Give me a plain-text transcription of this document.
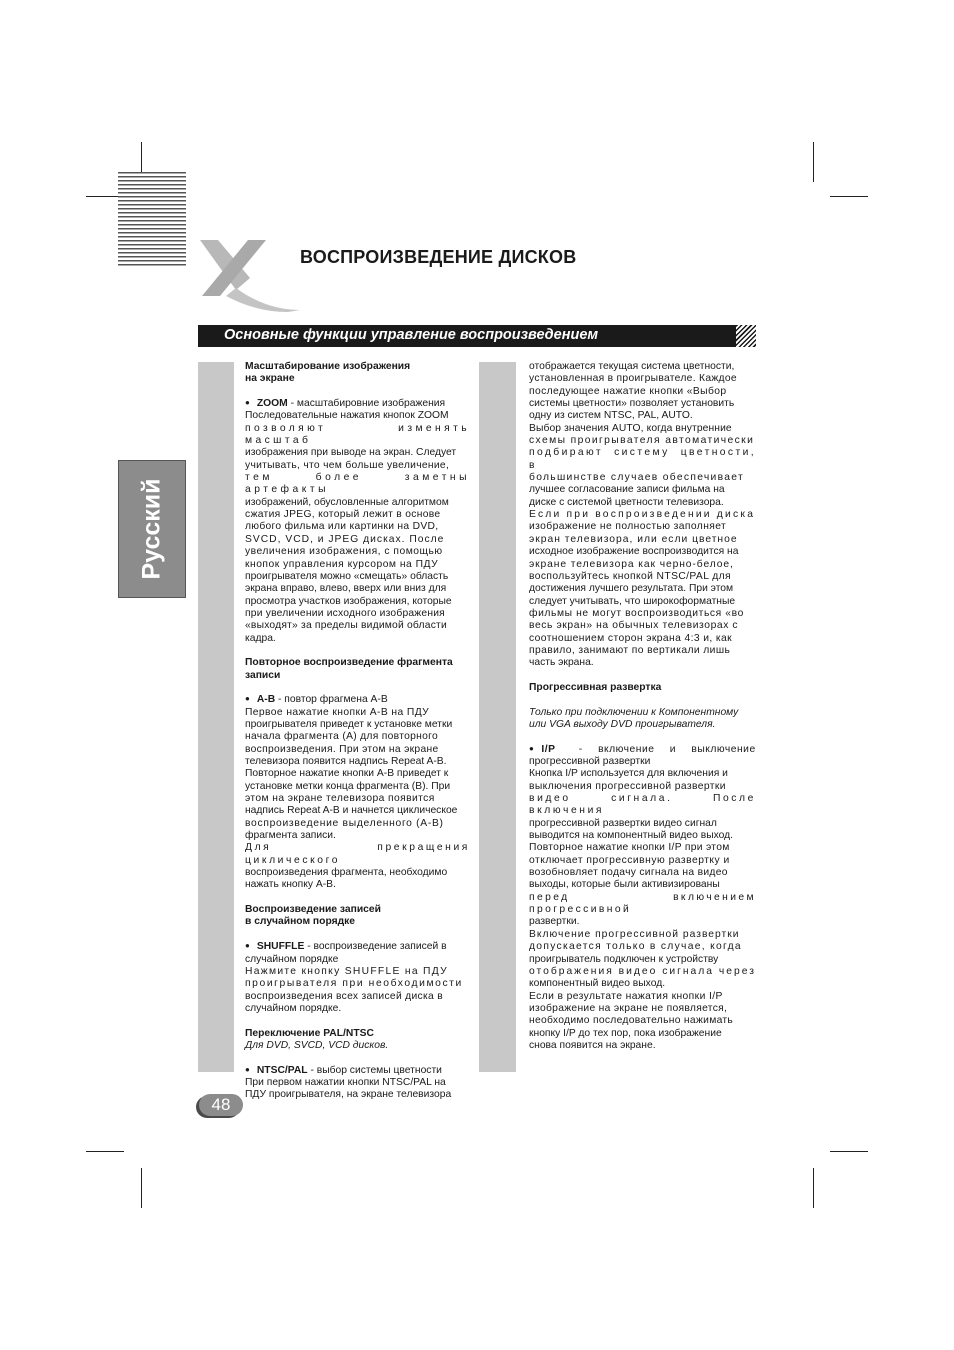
ВОСПРОИЗВЕДЕНИЕ ДИСКОВ
Основные функции управление воспроизведением
Русский

Масштабирование изображения

на экране

● ZOOM - масштабировние изображения

Последовательные нажатия кнопок ZOOM

позволяют изменять масштаб

изображения при выводе на экран. Следует

учитывать, что чем больше увеличение,

тем более заметны артефакты

изображений, обусловленные алгоритмом

сжатия JPEG, который лежит в основе

любого фильма или картинки на DVD,

SVCD, VCD, и JPEG дисках. После

увеличения изображения, с помощью

кнопок управления курсором на ПДУ

проигрывателя можно «смещать» область

экрана вправо, влево, вверх или вниз для

просмотра участков изображения, которые

при увеличении исходного изображения

«выходят» за пределы видимой области

кадра.

Повторное воспроизведение фрагмента

записи

● A-B - повтор фрагмена A-B

Первое нажатие кнопки A-B на ПДУ

проигрывателя приведет к установке метки

начала фрагмента (А) для повторного

воспроизведения. При этом на экране

телевизора появится надпись Repeat A-B.

Повторное нажатие кнопки A-B приведет к

установке метки конца фрагмента (В). При

этом на экране телевизора появится

надпись Repeat A-B и начнется циклическое

воспроизведение выделенного (A-B)

фрагмента записи.

Для прекращения циклического

воспроизведения фрагмента, необходимо

нажать кнопку A-B.

Воспроизведение записей

в случайном порядке

● SHUFFLE - воспроизведение записей в

случайном порядке

Нажмите кнопку SHUFFLE на ПДУ

проигрывателя при необходимости

воспроизведения всех записей диска в

случайном порядке.

Переключение PAL/NTSC

Для DVD, SVCD, VCD дисков.

● NTSC/PAL - выбор системы цветности

При первом нажатии кнопки NTSC/PAL на

ПДУ проигрывателя, на экране телевизора

отображается текущая система цветности,

установленная в проигрывателе. Каждое

последующее нажатие кнопки «Выбор

системы цветности» позволяет установить

одну из систем NTSC, PAL, AUTO.

Выбор значения AUTO, когда внутренние

схемы проигрывателя автоматически

подбирают систему цветности, в

большинстве случаев обеспечивает

лучшее согласование записи фильма на

диске с системой цветности телевизора.

Если при воспроизведении диска

изображение не полностью заполняет

экран телевизора, или если цветное

исходное изображение воспроизводится на

экране телевизора как черно-белое,

воспользуйтесь кнопкой NTSC/PAL для

достижения лучшего результата. При этом

следует учитывать, что широкоформатные

фильмы не могут воспроизводиться «во

весь экран» на обычных телевизорах с

соотношением сторон экрана 4:3 и, как

правило, занимают по вертикали лишь

часть экрана.

Прогрессивная развертка

Только при подключении к Компонентному

или VGA выходу DVD проигрывателя.

● I/P - включение и выключение

прогрессивной развертки

Кнопка I/P используется для включения и

выключения прогрессивной развертки

видео сигнала. После включения

прогрессивной развертки видео сигнал

выводится на компонентный видео выход.

Повторное нажатие кнопки I/P при этом

отключает прогрессивную развертку и

возобновляет подачу сигнала на видео

выходы, которые были активизированы

перед включением прогрессивной

развертки.

Включение прогрессивной развертки

допускается только в случае, когда

проигрыватель подключен к устройству

отображения видео сигнала через

компонентный видео выход.

Если в результате нажатия кнопки I/P

изображение на экране не появляется,

необходимо последовательно нажимать

кнопку I/P до тех пор, пока изображение

снова появится на экране.

48
